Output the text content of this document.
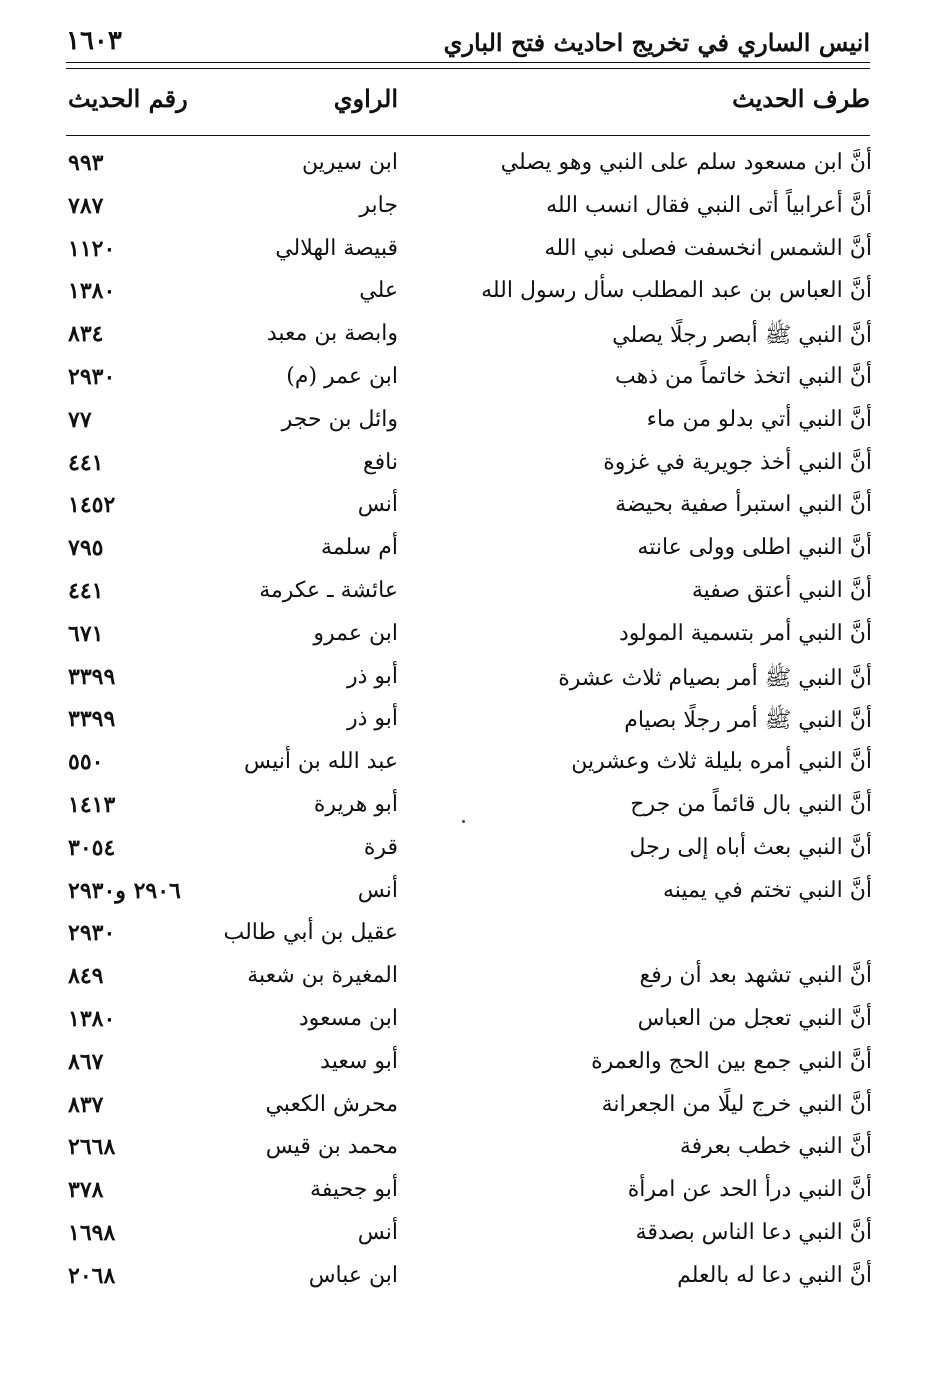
انيس الساري في تخريج احاديث فتح الباري
١٦٠٣
طرف الحديث
الراوي
رقم الحديث
أنَّ ابن مسعود سلم على النبي وهو يصلي
ابن سيرين
٩٩٣
أنَّ أعرابياً أتى النبي فقال انسب الله
جابر
٧٨٧
أنَّ الشمس انخسفت فصلى نبي الله
قبيصة الهلالي
١١٢٠
أنَّ العباس بن عبد المطلب سأل رسول الله
علي
١٣٨٠
أنَّ النبي ﷺ أبصر رجلًا يصلي
وابصة بن معبد
٨٣٤
أنَّ النبي اتخذ خاتماً من ذهب
ابن عمر (م)
٢٩٣٠
أنَّ النبي أتي بدلو من ماء
وائل بن حجر
٧٧
أنَّ النبي أخذ جويرية في غزوة
نافع
٤٤١
أنَّ النبي استبرأ صفية بحيضة
أنس
١٤٥٢
أنَّ النبي اطلى وولى عانته
أم سلمة
٧٩٥
أنَّ النبي أعتق صفية
عائشة ـ عكرمة
٤٤١
أنَّ النبي أمر بتسمية المولود
ابن عمرو
٦٧١
أنَّ النبي ﷺ أمر بصيام ثلاث عشرة
أبو ذر
٣٣٩٩
أنَّ النبي ﷺ أمر رجلًا بصيام
أبو ذر
٣٣٩٩
أنَّ النبي أمره بليلة ثلاث وعشرين
عبد الله بن أنيس
٥٥٠
أنَّ النبي بال قائماً من جرح
أبو هريرة
١٤١٣
أنَّ النبي بعث أباه إلى رجل
قرة
٣٠٥٤
أنَّ النبي تختم في يمينه
أنس
٢٩٠٦ و٢٩٣٠
عقيل بن أبي طالب
٢٩٣٠
أنَّ النبي تشهد بعد أن رفع
المغيرة بن شعبة
٨٤٩
أنَّ النبي تعجل من العباس
ابن مسعود
١٣٨٠
أنَّ النبي جمع بين الحج والعمرة
أبو سعيد
٨٦٧
أنَّ النبي خرج ليلًا من الجعرانة
محرش الكعبي
٨٣٧
أنَّ النبي خطب بعرفة
محمد بن قيس
٢٦٦٨
أنَّ النبي درأ الحد عن امرأة
أبو جحيفة
٣٧٨
أنَّ النبي دعا الناس بصدقة
أنس
١٦٩٨
أنَّ النبي دعا له بالعلم
ابن عباس
٢٠٦٨
